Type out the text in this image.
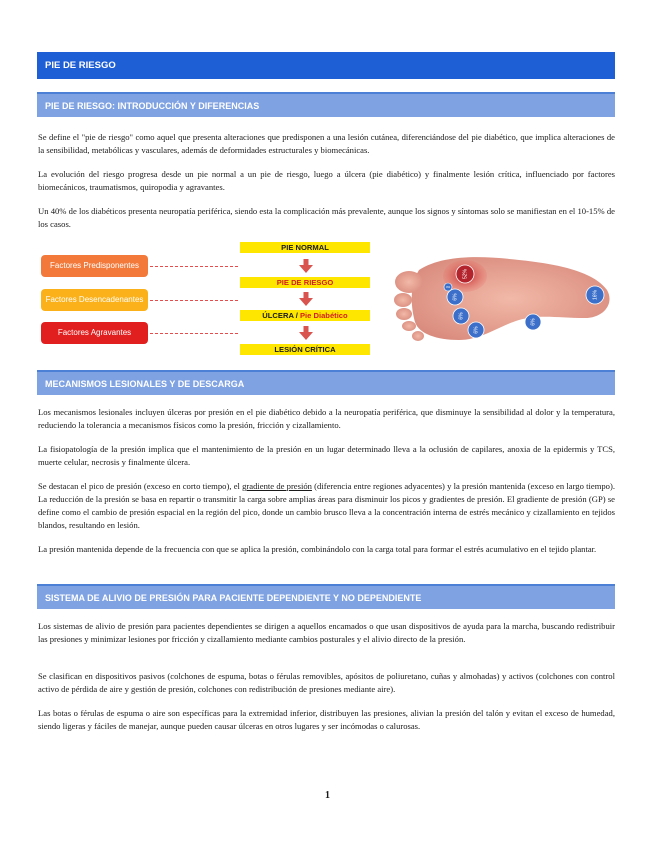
PIE DE RIESGO
PIE DE RIESGO: INTRODUCCIÓN Y DIFERENCIAS
Se define el "pie de riesgo" como aquel que presenta alteraciones que predisponen a una lesión cutánea, diferenciándose del pie diabético, que implica alteraciones de la sensibilidad, metabólicas y vasculares, además de deformidades estructurales y biomecánicas.
La evolución del riesgo progresa desde un pie normal a un pie de riesgo, luego a úlcera (pie diabético) y finalmente lesión crítica, influenciado por factores biomecánicos, traumatismos, quiropodia y agravantes.
Un 40% de los diabéticos presenta neuropatía periférica, siendo esta la complicación más prevalente, aunque los signos y síntomas solo se manifiestan en el 10-15% de los casos.
Factores Predisponentes
Factores Desencadenantes
Factores Agravantes
PIE NORMAL
PIE DE RIESGO
ÚLCERA / Pie Diabético
LESIÓN CRÍTICA
52%
6%
6%
6%
6%
16%
4%
MECANISMOS LESIONALES Y DE DESCARGA
Los mecanismos lesionales incluyen úlceras por presión en el pie diabético debido a la neuropatía periférica, que disminuye la sensibilidad al dolor y la temperatura, reduciendo la tolerancia a mecanismos físicos como la presión, fricción y cizallamiento.
La fisiopatología de la presión implica que el mantenimiento de la presión en un lugar determinado lleva a la oclusión de capilares, anoxia de la epidermis y TCS, muerte celular, necrosis y finalmente úlcera.
Se destacan el pico de presión (exceso en corto tiempo), el gradiente de presión (diferencia entre regiones adyacentes) y la presión mantenida (exceso en largo tiempo). La reducción de la presión se basa en repartir o transmitir la carga sobre amplias áreas para disminuir los picos y gradientes de presión. El gradiente de presión (GP) se define como el cambio de presión espacial en la región del pico, donde un cambio brusco lleva a la concentración interna de estrés mecánico y cizallamiento en tejidos blandos, resultando en lesión.
La presión mantenida depende de la frecuencia con que se aplica la presión, combinándolo con la carga total para formar el estrés acumulativo en el tejido plantar.
SISTEMA DE ALIVIO DE PRESIÓN PARA PACIENTE DEPENDIENTE Y NO DEPENDIENTE
Los sistemas de alivio de presión para pacientes dependientes se dirigen a aquellos encamados o que usan dispositivos de ayuda para la marcha, buscando redistribuir las presiones y minimizar lesiones por fricción y cizallamiento mediante cambios posturales y el alivio directo de la presión.
Se clasifican en dispositivos pasivos (colchones de espuma, botas o férulas removibles, apósitos de poliuretano, cuñas y almohadas) y activos (colchones con control activo de pérdida de aire y gestión de presión, colchones con redistribución de presiones mediante aire).
Las botas o férulas de espuma o aire son específicas para la extremidad inferior, distribuyen las presiones, alivian la presión del talón y evitan el exceso de humedad, siendo ligeras y fáciles de manejar, aunque pueden causar úlceras en otros lugares y ser incómodas o calurosas.
1
